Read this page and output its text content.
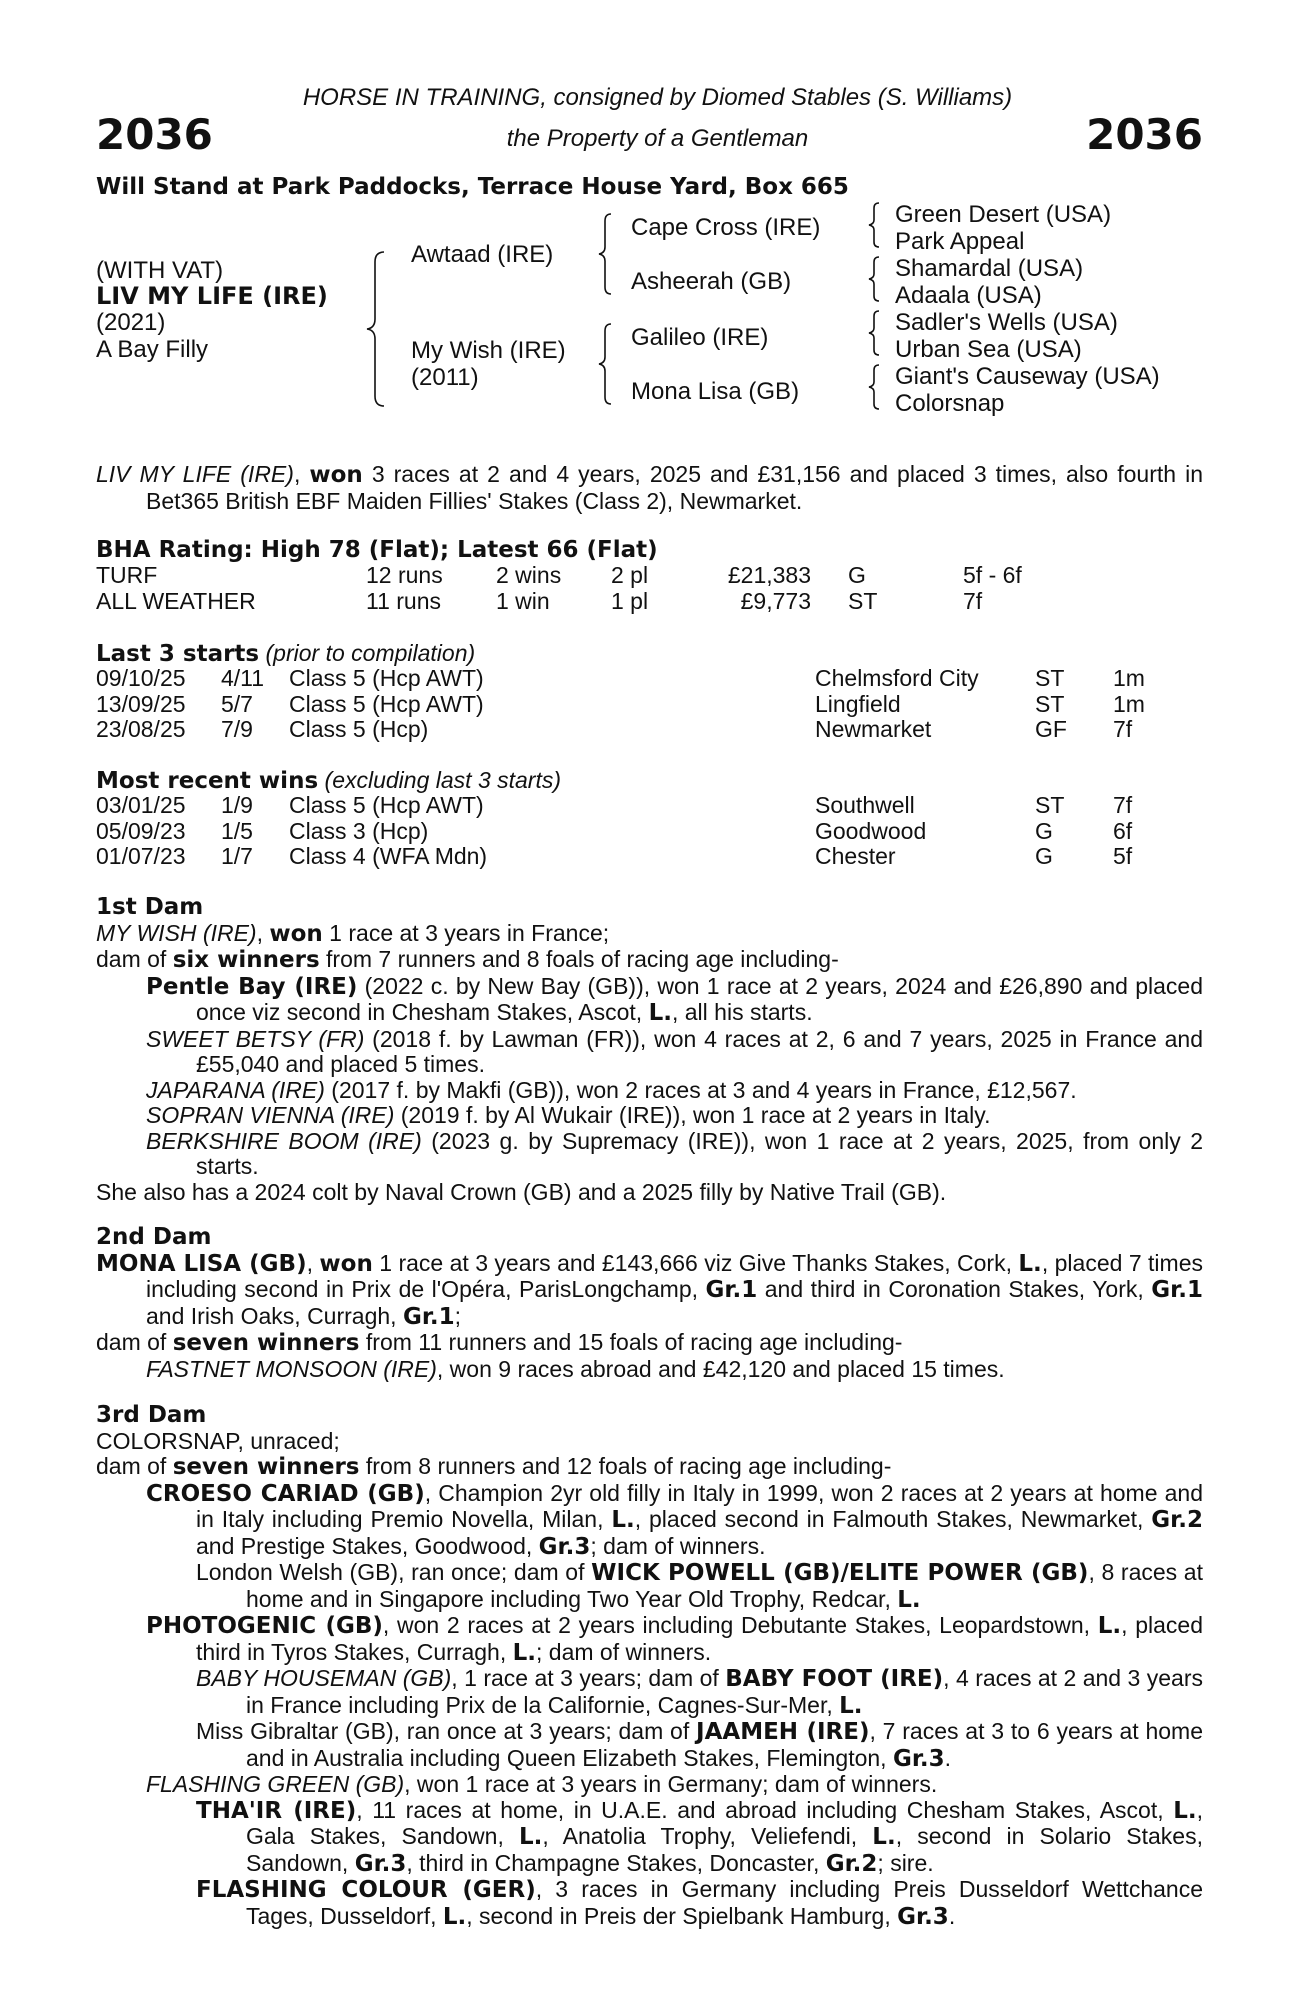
2036	2036
HORSE IN TRAINING, consigned by Diomed Stables (S. Williams)
the Property of a Gentleman
Will Stand at Park Paddocks, Terrace House Yard, Box 665
(WITH VAT)
LIV MY LIFE (IRE)
(2021)
A Bay Filly
Awtaad (IRE)
My Wish (IRE)
(2011)
Cape Cross (IRE)
Asheerah (GB)
Galileo (IRE)
Mona Lisa (GB)
Green Desert (USA)
Park Appeal
Shamardal (USA)
Adaala (USA)
Sadler's Wells (USA)
Urban Sea (USA)
Giant's Causeway (USA)
Colorsnap

LIV MY LIFE (IRE), won 3 races at 2 and 4 years, 2025 and £31,156 and placed 3 times, also fourth in Bet365 British EBF Maiden Fillies' Stakes (Class 2), Newmarket.

BHA Rating: High 78 (Flat); Latest 66 (Flat)
TURF	12 runs	2 wins	2 pl	£21,383		G	5f - 6f
ALL WEATHER	11 runs	1 win	1 pl	£9,773		ST	7f
Last 3 starts (prior to compilation)
09/10/25	4/11	Class 5 (Hcp AWT)	Chelmsford City	ST	1m
13/09/25	5/7	Class 5 (Hcp AWT)	Lingfield	ST	1m
23/08/25	7/9	Class 5 (Hcp)	Newmarket	GF	7f
Most recent wins (excluding last 3 starts)
03/01/25	1/9	Class 5 (Hcp AWT)	Southwell	ST	7f
05/09/23	1/5	Class 3 (Hcp)	Goodwood	G	6f
01/07/23	1/7	Class 4 (WFA Mdn)	Chester	G	5f

1st Dam

MY WISH (IRE), won 1 race at 3 years in France;

dam of six winners from 7 runners and 8 foals of racing age including-

Pentle Bay (IRE) (2022 c. by New Bay (GB)), won 1 race at 2 years, 2024 and £26,890 and placed once viz second in Chesham Stakes, Ascot, L., all his starts.

SWEET BETSY (FR) (2018 f. by Lawman (FR)), won 4 races at 2, 6 and 7 years, 2025 in France and £55,040 and placed 5 times.

JAPARANA (IRE) (2017 f. by Makfi (GB)), won 2 races at 3 and 4 years in France, £12,567.

SOPRAN VIENNA (IRE) (2019 f. by Al Wukair (IRE)), won 1 race at 2 years in Italy.

BERKSHIRE BOOM (IRE) (2023 g. by Supremacy (IRE)), won 1 race at 2 years, 2025, from only 2 starts.

She also has a 2024 colt by Naval Crown (GB) and a 2025 filly by Native Trail (GB).

2nd Dam

MONA LISA (GB), won 1 race at 3 years and £143,666 viz Give Thanks Stakes, Cork, L., placed 7 times including second in Prix de l'Opéra, ParisLongchamp, Gr.1 and third in Coronation Stakes, York, Gr.1 and Irish Oaks, Curragh, Gr.1;

dam of seven winners from 11 runners and 15 foals of racing age including-

FASTNET MONSOON (IRE), won 9 races abroad and £42,120 and placed 15 times.

3rd Dam

COLORSNAP, unraced;

dam of seven winners from 8 runners and 12 foals of racing age including-

CROESO CARIAD (GB), Champion 2yr old filly in Italy in 1999, won 2 races at 2 years at home and in Italy including Premio Novella, Milan, L., placed second in Falmouth Stakes, Newmarket, Gr.2 and Prestige Stakes, Goodwood, Gr.3; dam of winners.

London Welsh (GB), ran once; dam of WICK POWELL (GB)/ELITE POWER (GB), 8 races at home and in Singapore including Two Year Old Trophy, Redcar, L.

PHOTOGENIC (GB), won 2 races at 2 years including Debutante Stakes, Leopardstown, L., placed third in Tyros Stakes, Curragh, L.; dam of winners.

BABY HOUSEMAN (GB), 1 race at 3 years; dam of BABY FOOT (IRE), 4 races at 2 and 3 years in France including Prix de la Californie, Cagnes-Sur-Mer, L.

Miss Gibraltar (GB), ran once at 3 years; dam of JAAMEH (IRE), 7 races at 3 to 6 years at home and in Australia including Queen Elizabeth Stakes, Flemington, Gr.3.

FLASHING GREEN (GB), won 1 race at 3 years in Germany; dam of winners.

THA'IR (IRE), 11 races at home, in U.A.E. and abroad including Chesham Stakes, Ascot, L., Gala Stakes, Sandown, L., Anatolia Trophy, Veliefendi, L., second in Solario Stakes, Sandown, Gr.3, third in Champagne Stakes, Doncaster, Gr.2; sire.

FLASHING COLOUR (GER), 3 races in Germany including Preis Dusseldorf Wettchance Tages, Dusseldorf, L., second in Preis der Spielbank Hamburg, Gr.3.
